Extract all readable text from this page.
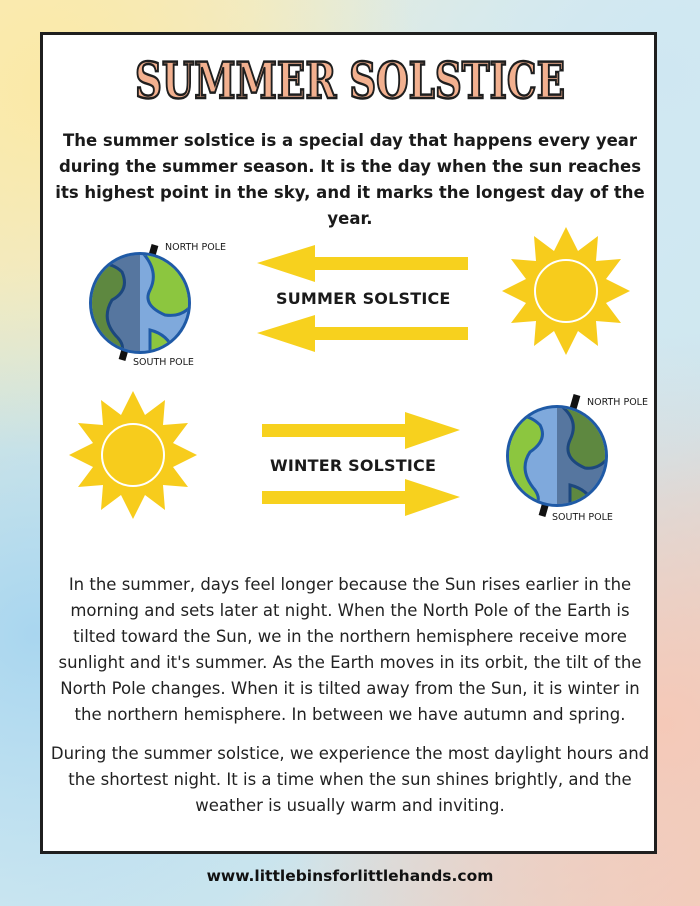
SUMMER SOLSTICE
The summer solstice is a special day that happens every year during the summer season. It is the day when the sun reaches its highest point in the sky, and it marks the longest day of the year.
NORTH POLE
SOUTH POLE
SUMMER SOLSTICE
WINTER SOLSTICE
NORTH POLE
SOUTH POLE
In the summer, days feel longer because the Sun rises earlier in the morning and sets later at night. When the North Pole of the Earth is tilted toward the Sun, we in the northern hemisphere receive more sunlight and it's summer. As the Earth moves in its orbit, the tilt of the North Pole changes. When it is tilted away from the Sun, it is winter in the northern hemisphere. In between we have autumn and spring.
During the summer solstice, we experience the most daylight hours and the shortest night. It is a time when the sun shines brightly, and the weather is usually warm and inviting.
www.littlebinsforlittlehands.com
